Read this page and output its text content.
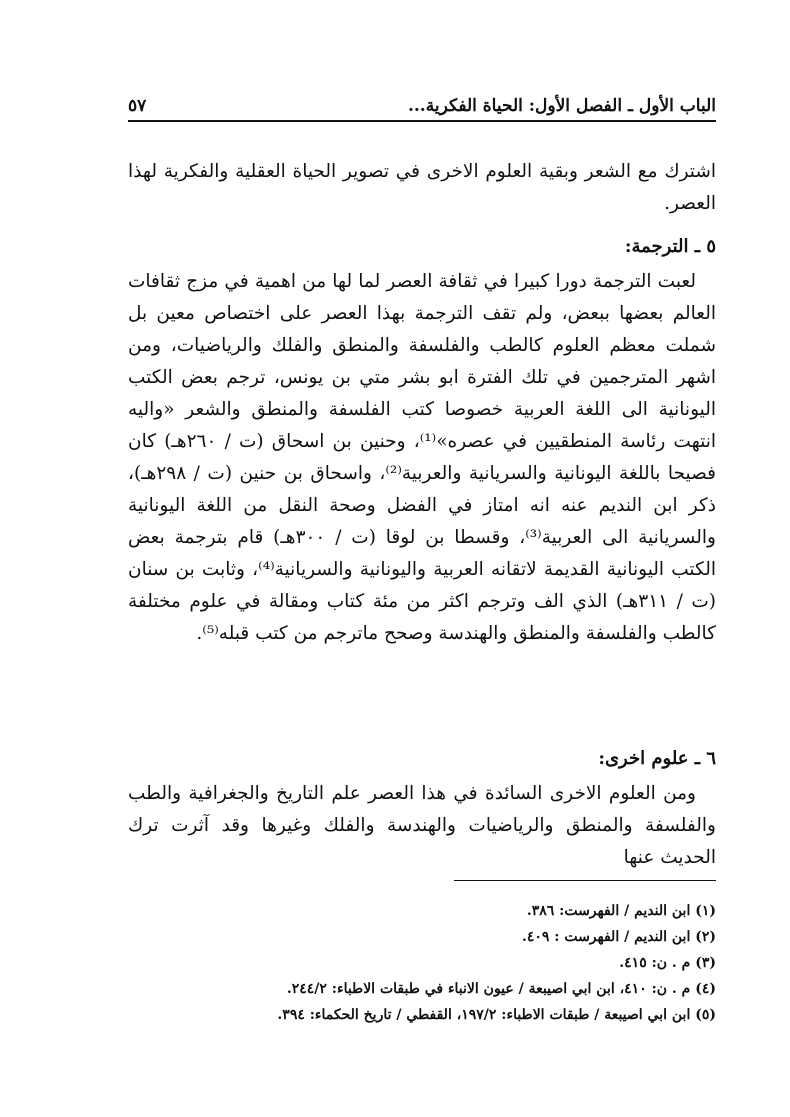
الباب الأول ـ الفصل الأول: الحياة الفكرية...
٥٧
اشترك مع الشعر وبقية العلوم الاخرى في تصوير الحياة العقلية والفكرية لهذا العصر.
٥ ـ الترجمة:
لعبت الترجمة دورا كبيرا في ثقافة العصر لما لها من اهمية في مزج ثقافات العالم بعضها ببعض، ولم تقف الترجمة بهذا العصر على اختصاص معين بل شملت معظم العلوم كالطب والفلسفة والمنطق والفلك والرياضيات، ومن اشهر المترجمين في تلك الفترة ابو بشر متي بن يونس، ترجم بعض الكتب اليونانية الى اللغة العربية خصوصا كتب الفلسفة والمنطق والشعر «واليه انتهت رئاسة المنطقيين في عصره»⁽¹⁾، وحنين بن اسحاق (ت / ٢٦٠هـ) كان فصيحا باللغة اليونانية والسريانية والعربية⁽²⁾، واسحاق بن حنين (ت / ٢٩٨هـ)، ذكر ابن النديم عنه انه امتاز في الفضل وصحة النقل من اللغة اليونانية والسريانية الى العربية⁽³⁾، وقسطا بن لوقا (ت / ٣٠٠هـ) قام بترجمة بعض الكتب اليونانية القديمة لاتقانه العربية واليونانية والسريانية⁽⁴⁾، وثابت بن سنان (ت / ٣١١هـ) الذي الف وترجم اكثر من مئة كتاب ومقالة في علوم مختلفة كالطب والفلسفة والمنطق والهندسة وصحح ماترجم من كتب قبله⁽⁵⁾.
٦ ـ علوم اخرى:
ومن العلوم الاخرى السائدة في هذا العصر علم التاريخ والجغرافية والطب والفلسفة والمنطق والرياضيات والهندسة والفلك وغيرها وقد آثرت ترك الحديث عنها
(١) ابن النديم / الفهرست: ٣٨٦.
(٢) ابن النديم / الفهرست : ٤٠٩.
(٣) م . ن: ٤١٥.
(٤) م . ن: ٤١٠، ابن ابي اصيبعة / عيون الانباء في طبقات الاطباء: ٢٤٤/٢.
(٥) ابن ابي اصيبعة / طبقات الاطباء: ١٩٧/٢، القفطي / تاريخ الحكماء: ٣٩٤.
